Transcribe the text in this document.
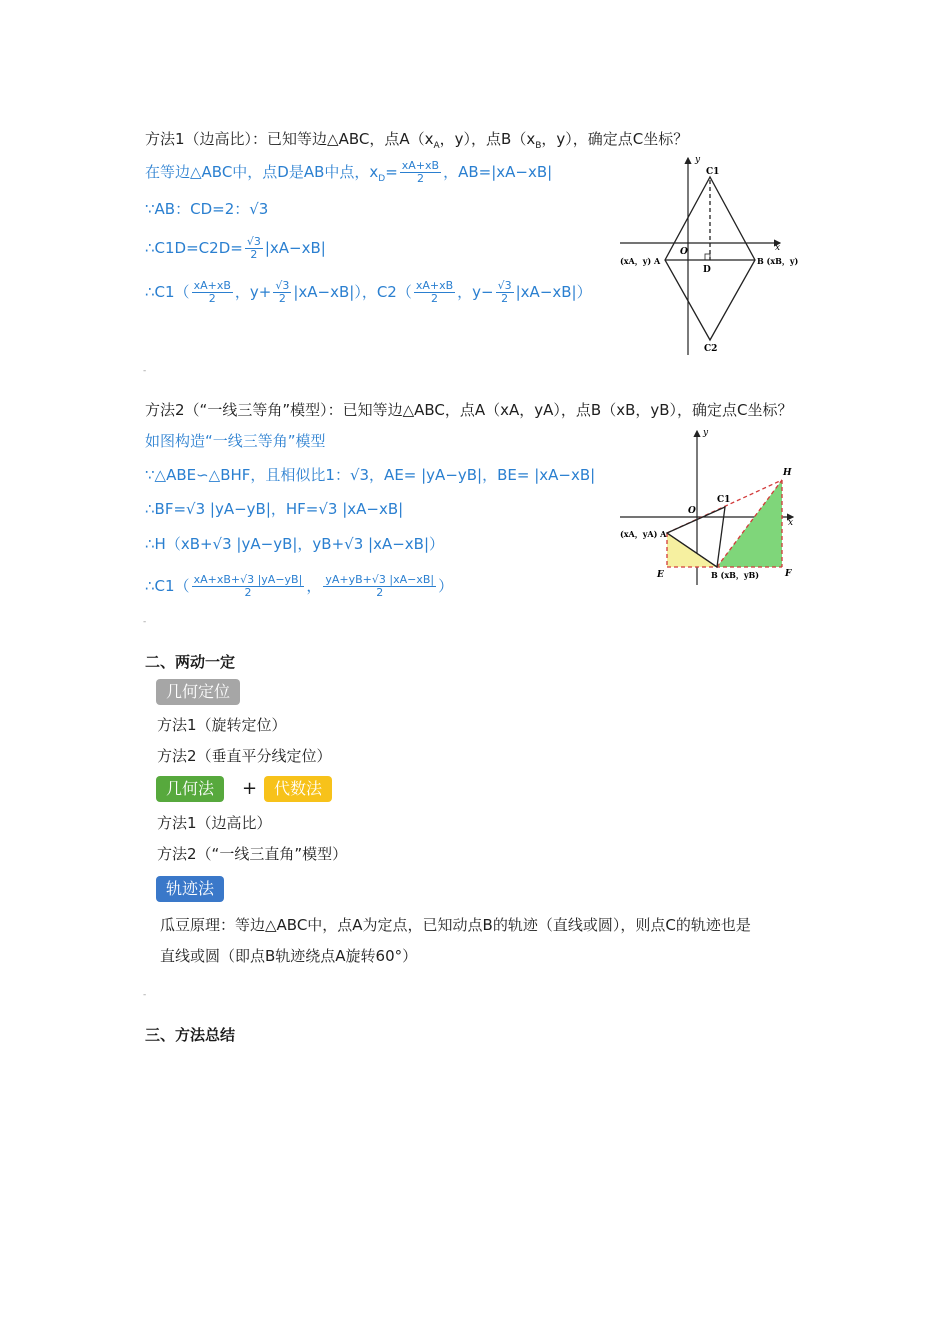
方法1（边高比）：已知等边△ABC，点$A(x_A$，y），点$B(x_B$，y），确定点C坐标？
在等边△ABC中，点D是AB中点，$x_D= \frac{xA+xB}{2}$ ，AB=|xA−xB|
∵AB：CD=2：√3
∴C1D=C2D= $\frac{√3}{2} |xA-xB|$
∴C1（ $\frac{xA+xB}{2}$ ，$y+ \frac{√3}{2} |xA-xB|$），$C2( \frac{xA+xB}{2}$ ，$y- \frac{√3}{2} |xA-xB|$）
y
x
O
C1
C2
D
(xA，y) A	B (xB，y)
-
方法2（“一线三等角”模型）：已知等边△ABC，点A（xA，yA），点B（xB，yB），确定点C坐标？
如图构造“一线三等角”模型
∵△ABE∽△BHF，且相似比1：√3，AE= |yA−yB|，BE= |xA−xB|
∴BF=√3 |yA−yB|，HF=√3 |xA−xB|
∴H（xB+√3 |yA−yB|，yB+√3 |xA−xB|）
∴C1（ $\frac{xA+xB+√3 |yA-yB|}{2}$ ， $\frac{yA+yB+√3 |xA-xB|}{2}$ ）
y
x
O
C1
H
(xA，yA) A
E	B (xB，yB)	F
-
二、两动一定
几何定位
方法1（旋转定位）
方法2（垂直平分线定位）
几何法	+	代数法
方法1（边高比）
方法2（“一线三直角”模型）
轨迹法
瓜豆原理：等边△ABC中，点A为定点，已知动点B的轨迹（直线或圆），则点C的轨迹也是
直线或圆（即点B轨迹绕点A旋转60°）
-
三、方法总结
